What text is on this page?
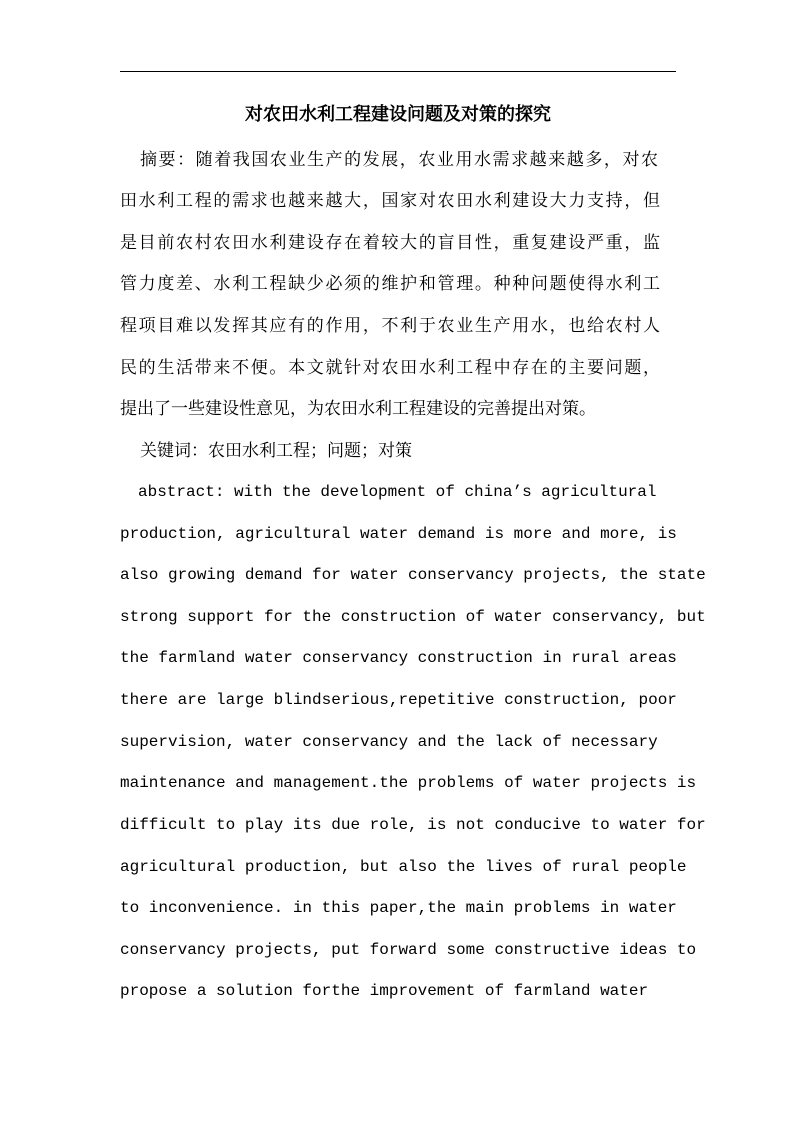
对农田水利工程建设问题及对策的探究
摘要：随着我国农业生产的发展，农业用水需求越来越多，对农
田水利工程的需求也越来越大，国家对农田水利建设大力支持，但
是目前农村农田水利建设存在着较大的盲目性，重复建设严重，监
管力度差、水利工程缺少必须的维护和管理。种种问题使得水利工
程项目难以发挥其应有的作用，不利于农业生产用水，也给农村人
民的生活带来不便。本文就针对农田水利工程中存在的主要问题，
提出了一些建设性意见，为农田水利工程建设的完善提出对策。
关键词：农田水利工程；问题；对策
abstract: with the development of china’s agricultural
production, agricultural water demand is more and more, is
also growing demand for water conservancy projects, the state
strong support for the construction of water conservancy, but
the farmland water conservancy construction in rural areas
there are large blindserious,repetitive construction, poor
supervision, water conservancy and the lack of necessary
maintenance and management.the problems of water projects is
difficult to play its due role, is not conducive to water for
agricultural production, but also the lives of rural people
to inconvenience. in this paper,the main problems in water
conservancy projects, put forward some constructive ideas to
propose a solution forthe improvement of farmland water
